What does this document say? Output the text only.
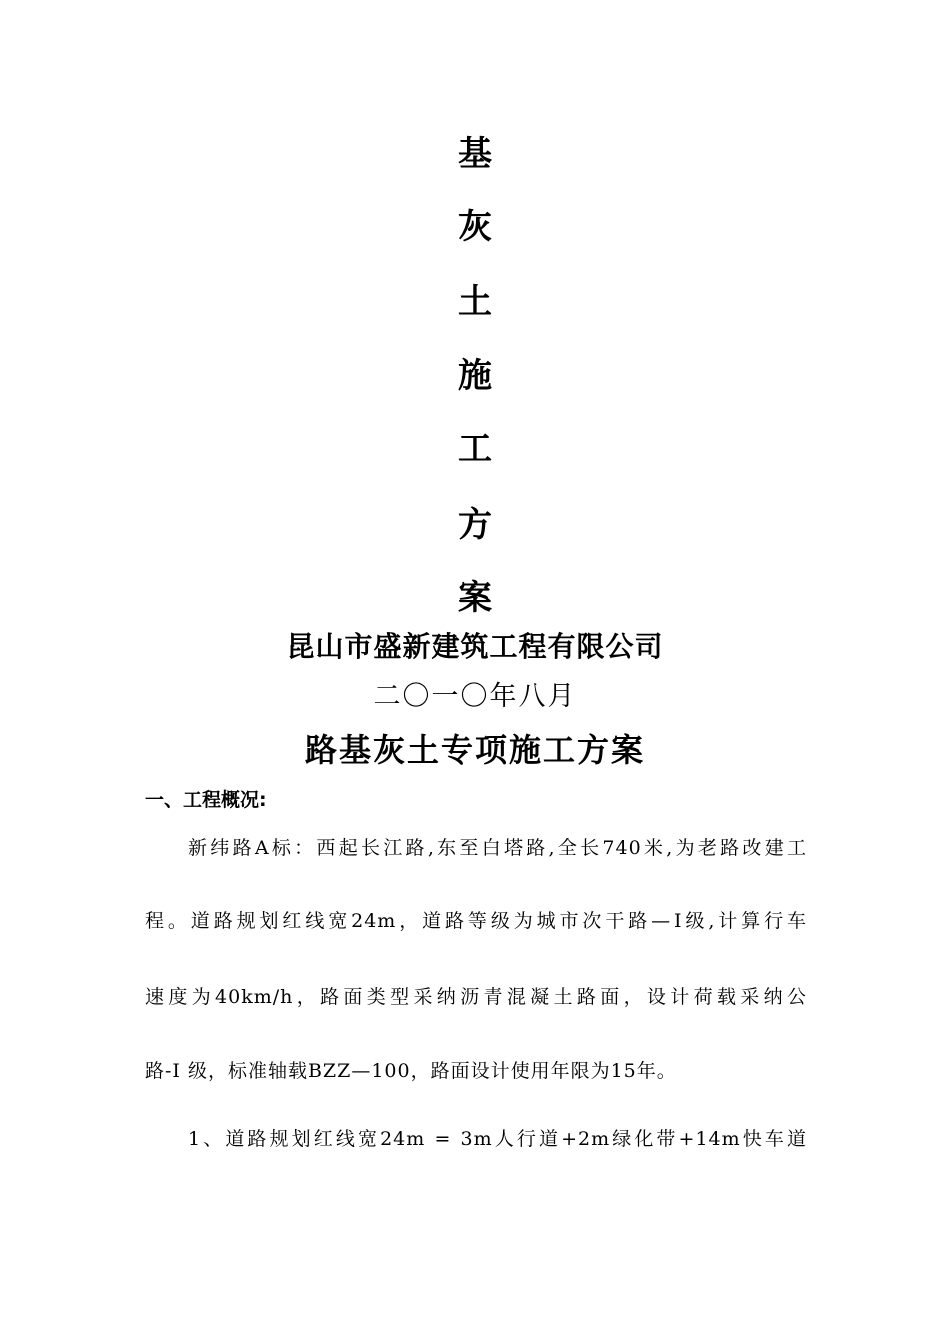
基
灰
土
施
工
方
案
昆山市盛新建筑工程有限公司
二〇一〇年八月
路基灰土专项施工方案
一、工程概况:
新纬路A标：西起长江路,东至白塔路,全长740米,为老路改建工
程。道路规划红线宽24m，道路等级为城市次干路—Ⅰ级,计算行车
速度为40km/h，路面类型采纳沥青混凝土路面，设计荷载采纳公
路-Ⅰ 级，标准轴载BZZ—100，路面设计使用年限为15年。
1、道路规划红线宽24m = 3m人行道+2m绿化带+14m快车道
